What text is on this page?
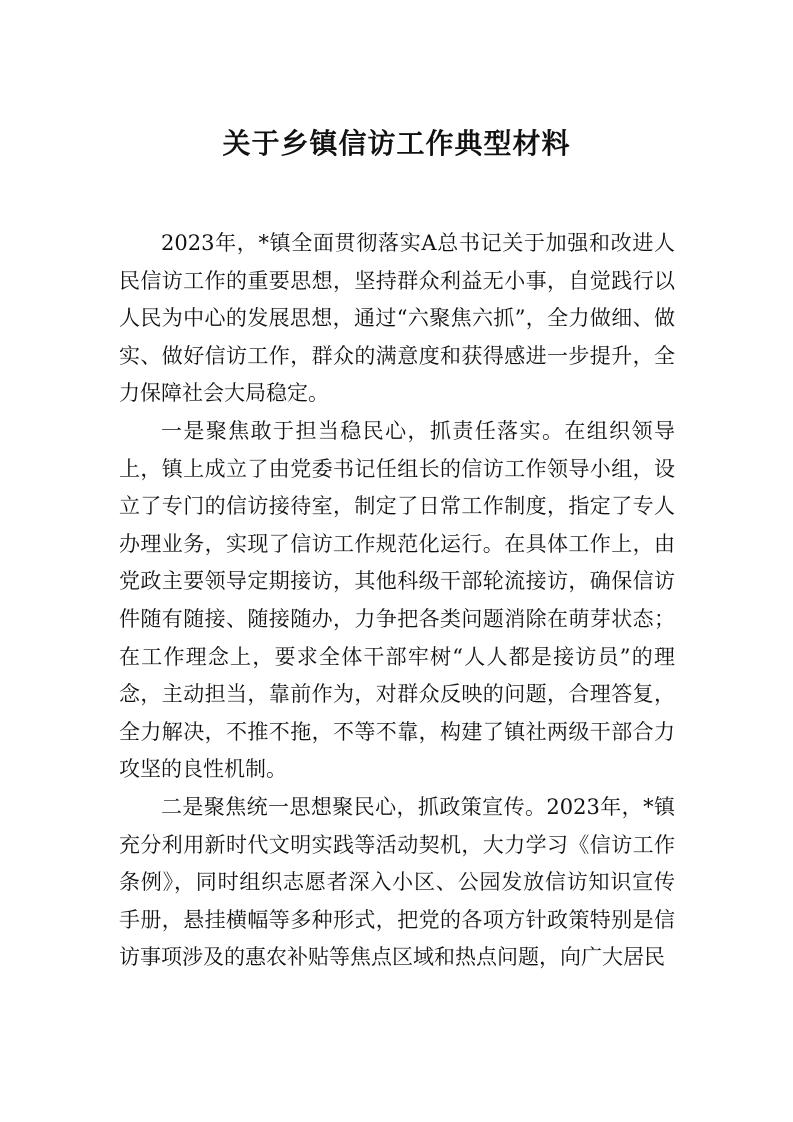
关于乡镇信访工作典型材料

2023年，*镇全面贯彻落实A总书记关于加强和改进人民信访工作的重要思想，坚持群众利益无小事，自觉践行以人民为中心的发展思想，通过“六聚焦六抓”，全力做细、做实、做好信访工作，群众的满意度和获得感进一步提升，全力保障社会大局稳定。

一是聚焦敢于担当稳民心，抓责任落实。在组织领导上，镇上成立了由党委书记任组长的信访工作领导小组，设立了专门的信访接待室，制定了日常工作制度，指定了专人办理业务，实现了信访工作规范化运行。在具体工作上，由党政主要领导定期接访，其他科级干部轮流接访，确保信访件随有随接、随接随办，力争把各类问题消除在萌芽状态；在工作理念上，要求全体干部牢树“人人都是接访员”的理念，主动担当，靠前作为，对群众反映的问题，合理答复，全力解决，不推不拖，不等不靠，构建了镇社两级干部合力攻坚的良性机制。

二是聚焦统一思想聚民心，抓政策宣传。2023年，*镇充分利用新时代文明实践等活动契机，大力学习《信访工作条例》，同时组织志愿者深入小区、公园发放信访知识宣传手册，悬挂横幅等多种形式，把党的各项方针政策特别是信访事项涉及的惠农补贴等焦点区域和热点问题，向广大居民
